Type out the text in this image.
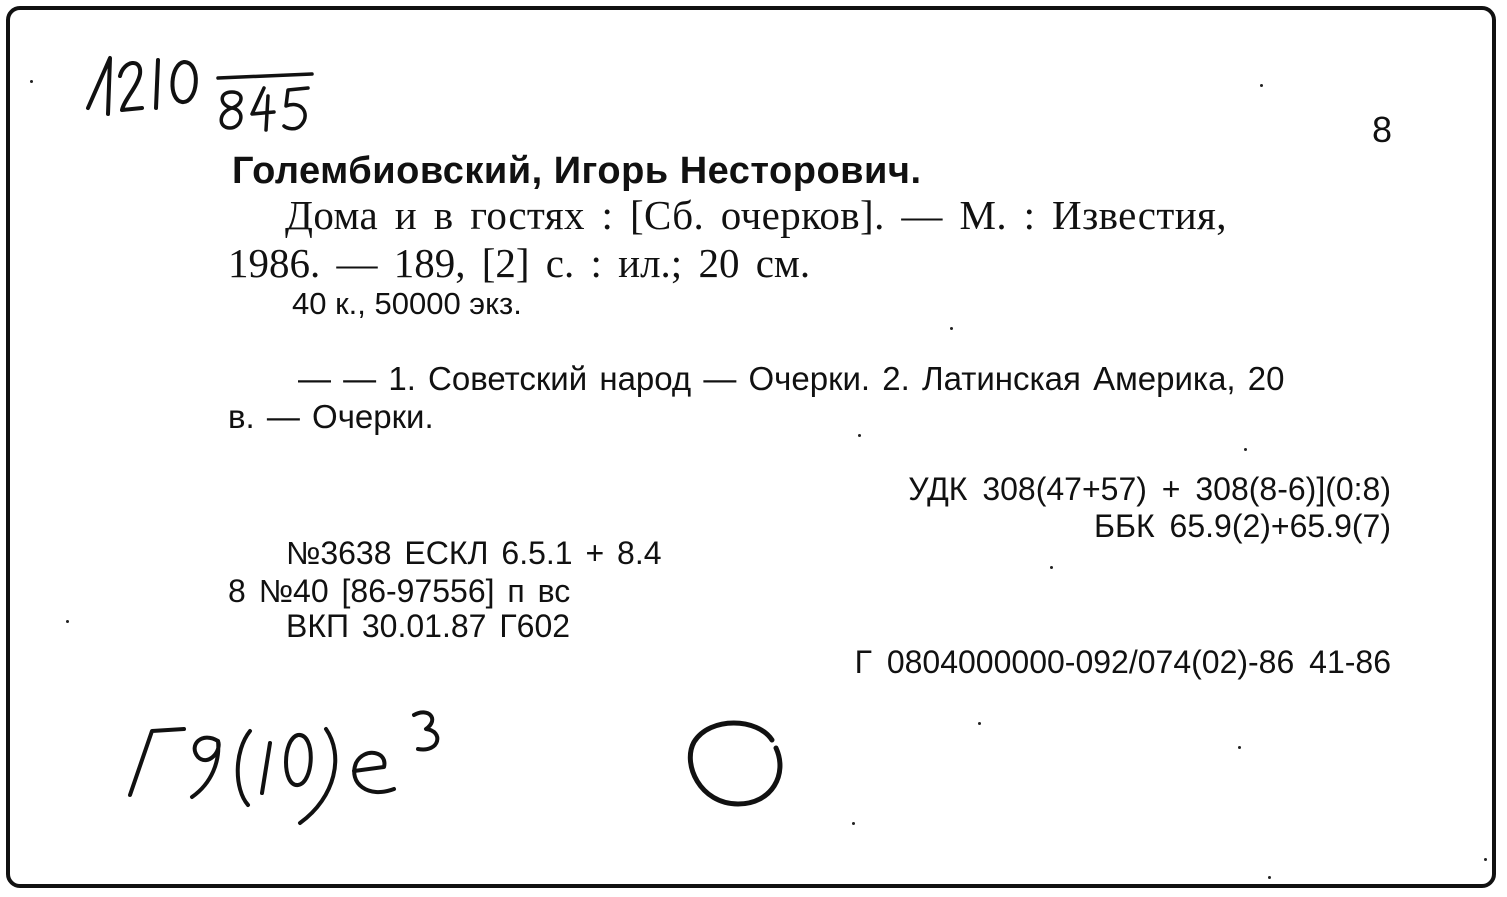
8
Голембиовский, Игорь Несторович.
Дома и в гостях : [Сб. очерков]. — М. : Известия,
1986. — 189, [2] с. : ил.; 20 см.
40 к., 50000 экз.
— — 1. Советский народ — Очерки. 2. Латинская Америка, 20
в. — Очерки.
УДК 308(47+57) + 308(8-6)](0:8)
ББК 65.9(2)+65.9(7)
№3638 ЕСКЛ 6.5.1 + 8.4
8 №40 [86-97556] п вс
ВКП 30.01.87 Г602
Г 0804000000-092/074(02)-86 41-86
